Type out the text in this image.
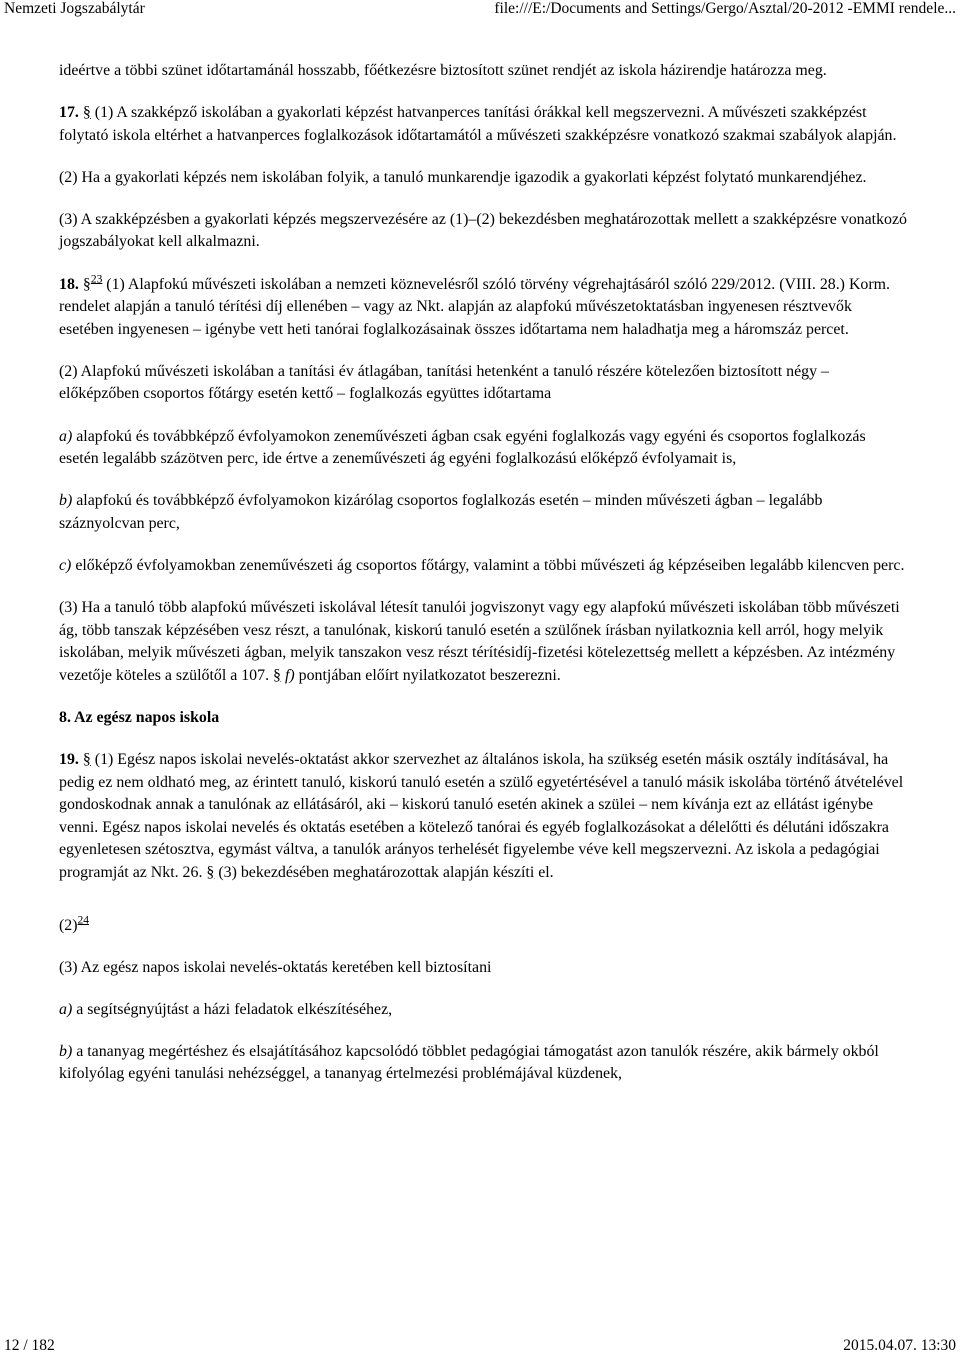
Nemzeti Jogszabálytár	file:///E:/Documents and Settings/Gergo/Asztal/20-2012 -EMMI rendele...

ideértve a többi szünet időtartamánál hosszabb, főétkezésre biztosított szünet rendjét az iskola házirendje határozza meg.

17. § (1) A szakképző iskolában a gyakorlati képzést hatvanperces tanítási órákkal kell megszervezni. A művészeti szakképzést folytató iskola eltérhet a hatvanperces foglalkozások időtartamától a művészeti szakképzésre vonatkozó szakmai szabályok alapján.

(2) Ha a gyakorlati képzés nem iskolában folyik, a tanuló munkarendje igazodik a gyakorlati képzést folytató munkarendjéhez.

(3) A szakképzésben a gyakorlati képzés megszervezésére az (1)–(2) bekezdésben meghatározottak mellett a szakképzésre vonatkozó jogszabályokat kell alkalmazni.

18. §$^{23}$ (1) Alapfokú művészeti iskolában a nemzeti köznevelésről szóló törvény végrehajtásáról szóló 229/2012. (VIII. 28.) Korm. rendelet alapján a tanuló térítési díj ellenében – vagy az Nkt. alapján az alapfokú művészetoktatásban ingyenesen résztvevők esetében ingyenesen – igénybe vett heti tanórai foglalkozásainak összes időtartama nem haladhatja meg a háromszáz percet.

(2) Alapfokú művészeti iskolában a tanítási év átlagában, tanítási hetenként a tanuló részére kötelezően biztosított négy – előképzőben csoportos főtárgy esetén kettő – foglalkozás együttes időtartama

a) alapfokú és továbbképző évfolyamokon zeneművészeti ágban csak egyéni foglalkozás vagy egyéni és csoportos foglalkozás esetén legalább százötven perc, ide értve a zeneművészeti ág egyéni foglalkozású előképző évfolyamait is,

b) alapfokú és továbbképző évfolyamokon kizárólag csoportos foglalkozás esetén – minden művészeti ágban – legalább száznyolcvan perc,

c) előképző évfolyamokban zeneművészeti ág csoportos főtárgy, valamint a többi művészeti ág képzéseiben legalább kilencven perc.

(3) Ha a tanuló több alapfokú művészeti iskolával létesít tanulói jogviszonyt vagy egy alapfokú művészeti iskolában több művészeti ág, több tanszak képzésében vesz részt, a tanulónak, kiskorú tanuló esetén a szülőnek írásban nyilatkoznia kell arról, hogy melyik iskolában, melyik művészeti ágban, melyik tanszakon vesz részt térítésidíj-fizetési kötelezettség mellett a képzésben. Az intézmény vezetője köteles a szülőtől a 107. § f) pontjában előírt nyilatkozatot beszerezni.

8. Az egész napos iskola

19. § (1) Egész napos iskolai nevelés-oktatást akkor szervezhet az általános iskola, ha szükség esetén másik osztály indításával, ha pedig ez nem oldható meg, az érintett tanuló, kiskorú tanuló esetén a szülő egyetértésével a tanuló másik iskolába történő átvételével gondoskodnak annak a tanulónak az ellátásáról, aki – kiskorú tanuló esetén akinek a szülei – nem kívánja ezt az ellátást igénybe venni. Egész napos iskolai nevelés és oktatás esetében a kötelező tanórai és egyéb foglalkozásokat a délelőtti és délutáni időszakra egyenletesen szétosztva, egymást váltva, a tanulók arányos terhelését figyelembe véve kell megszervezni. Az iskola a pedagógiai programját az Nkt. 26. § (3) bekezdésében meghatározottak alapján készíti el.

$(2)^{24}$

(3) Az egész napos iskolai nevelés-oktatás keretében kell biztosítani

a) a segítségnyújtást a házi feladatok elkészítéséhez,

b) a tananyag megértéshez és elsajátításához kapcsolódó többlet pedagógiai támogatást azon tanulók részére, akik bármely okból kifolyólag egyéni tanulási nehézséggel, a tananyag értelmezési problémájával küzdenek,

12 / 182	2015.04.07. 13:30
